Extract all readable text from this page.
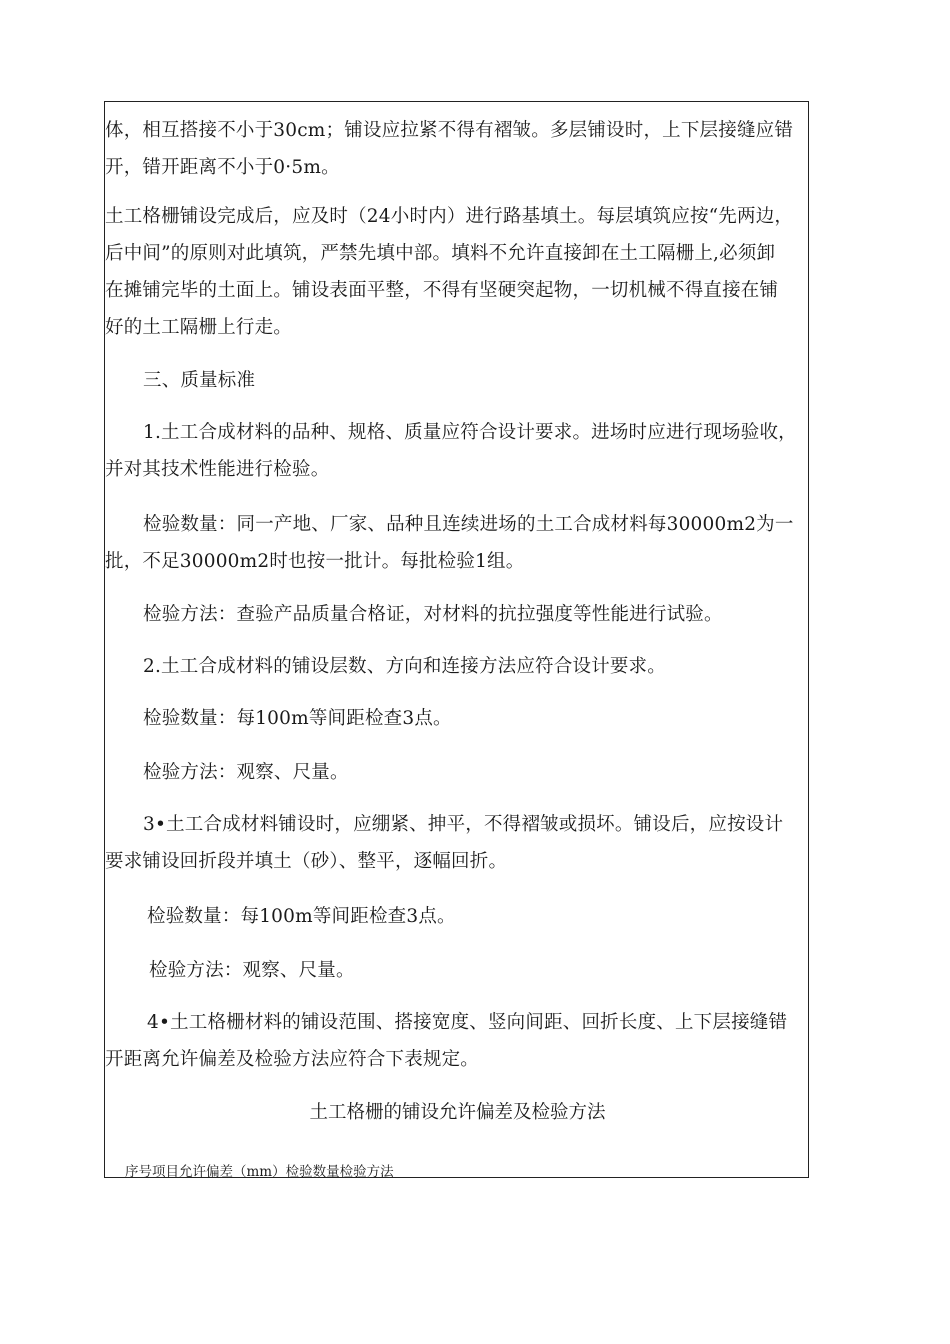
体，相互搭接不小于30cm；铺设应拉紧不得有褶皱。多层铺设时，上下层接缝应错
开，错开距离不小于0·5m。
土工格栅铺设完成后，应及时（24小时内）进行路基填土。每层填筑应按“先两边，
后中间”的原则对此填筑，严禁先填中部。填料不允许直接卸在土工隔栅上,必须卸
在摊铺完毕的土面上。铺设表面平整，不得有坚硬突起物，一切机械不得直接在铺
好的土工隔栅上行走。
三、质量标准
1.土工合成材料的品种、规格、质量应符合设计要求。进场时应进行现场验收，
并对其技术性能进行检验。
检验数量：同一产地、厂家、品种且连续进场的土工合成材料每30000m2为一
批，不足30000m2时也按一批计。每批检验1组。
检验方法：查验产品质量合格证，对材料的抗拉强度等性能进行试验。
2.土工合成材料的铺设层数、方向和连接方法应符合设计要求。
检验数量：每100m等间距检查3点。
检验方法：观察、尺量。
3•土工合成材料铺设时，应绷紧、抻平，不得褶皱或损坏。铺设后，应按设计
要求铺设回折段并填土（砂）、整平，逐幅回折。
检验数量：每100m等间距检查3点。
检验方法：观察、尺量。
4•土工格栅材料的铺设范围、搭接宽度、竖向间距、回折长度、上下层接缝错
开距离允许偏差及检验方法应符合下表规定。
土工格栅的铺设允许偏差及检验方法
序号项目允许偏差（mm）检验数量检验方法
